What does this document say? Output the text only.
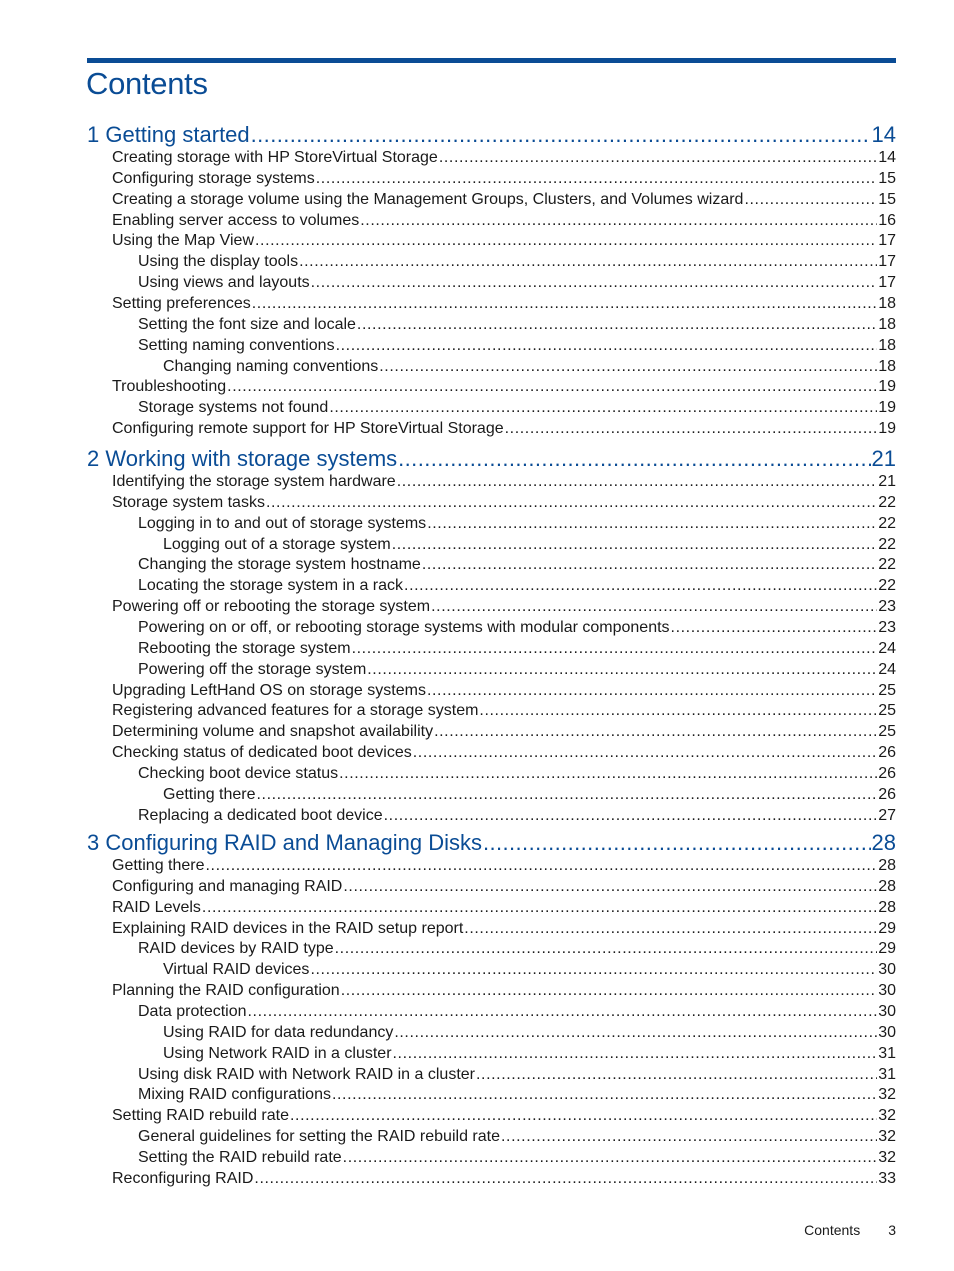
Contents
1 Getting started .....	14
Creating storage with HP StoreVirtual Storage .....	14
Configuring storage systems .....	15
Creating a storage volume using the Management Groups, Clusters, and Volumes wizard .....	15
Enabling server access to volumes .....	16
Using the Map View .....	17
Using the display tools .....	17
Using views and layouts .....	17
Setting preferences .....	18
Setting the font size and locale .....	18
Setting naming conventions .....	18
Changing naming conventions .....	18
Troubleshooting .....	19
Storage systems not found .....	19
Configuring remote support for HP StoreVirtual Storage .....	19
2 Working with storage systems .....	21
Identifying the storage system hardware .....	21
Storage system tasks .....	22
Logging in to and out of storage systems .....	22
Logging out of a storage system .....	22
Changing the storage system hostname .....	22
Locating the storage system in a rack .....	22
Powering off or rebooting the storage system .....	23
Powering on or off, or rebooting storage systems with modular components .....	23
Rebooting the storage system .....	24
Powering off the storage system .....	24
Upgrading LeftHand OS on storage systems .....	25
Registering advanced features for a storage system .....	25
Determining volume and snapshot availability .....	25
Checking status of dedicated boot devices .....	26
Checking boot device status .....	26
Getting there .....	26
Replacing a dedicated boot device .....	27
3 Configuring RAID and Managing Disks .....	28
Getting there .....	28
Configuring and managing RAID .....	28
RAID Levels .....	28
Explaining RAID devices in the RAID setup report .....	29
RAID devices by RAID type .....	29
Virtual RAID devices .....	30
Planning the RAID configuration .....	30
Data protection .....	30
Using RAID for data redundancy .....	30
Using Network RAID in a cluster .....	31
Using disk RAID with Network RAID in a cluster .....	31
Mixing RAID configurations .....	32
Setting RAID rebuild rate .....	32
General guidelines for setting the RAID rebuild rate .....	32
Setting the RAID rebuild rate .....	32
Reconfiguring RAID .....	33
Contents 3
